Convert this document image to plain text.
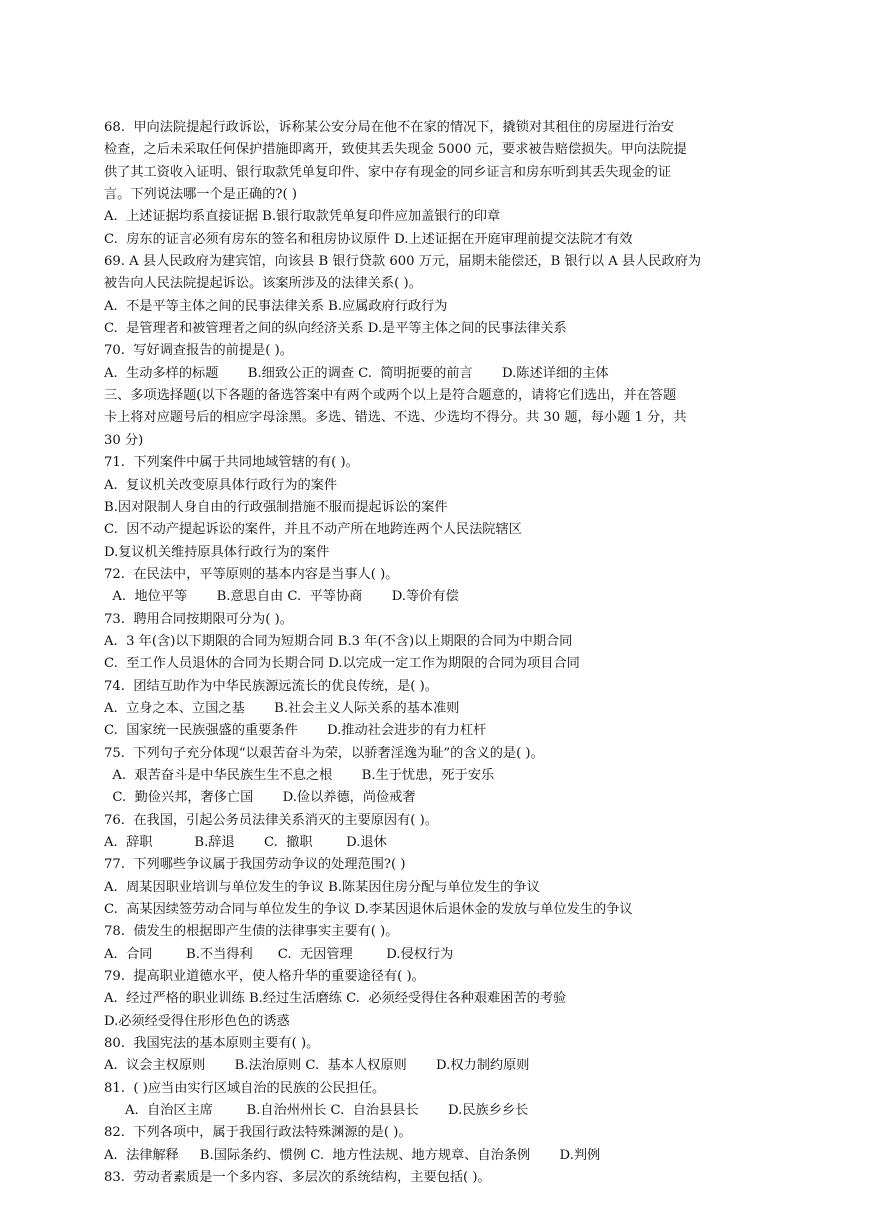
68.  甲向法院提起行政诉讼，诉称某公安分局在他不在家的情况下，撬锁对其租住的房屋进行治安
检查，之后未采取任何保护措施即离开，致使其丢失现金 5000 元，要求被告赔偿损失。甲向法院提
供了其工资收入证明、银行取款凭单复印件、家中存有现金的同乡证言和房东听到其丢失现金的证
言。下列说法哪一个是正确的?( )
A.  上述证据均系直接证据 B.银行取款凭单复印件应加盖银行的印章
C.  房东的证言必须有房东的签名和租房协议原件 D.上述证据在开庭审理前提交法院才有效
69. A 县人民政府为建宾馆，向该县 B 银行贷款 600 万元，届期未能偿还，B 银行以 A 县人民政府为
被告向人民法院提起诉讼。该案所涉及的法律关系( )。
A.  不是平等主体之间的民事法律关系 B.应属政府行政行为
C.  是管理者和被管理者之间的纵向经济关系 D.是平等主体之间的民事法律关系
70.  写好调查报告的前提是( )。
A.  生动多样的标题       B.细致公正的调查 C.  简明扼要的前言       D.陈述详细的主体
三、多项选择题(以下各题的备选答案中有两个或两个以上是符合题意的，请将它们选出，并在答题
卡上将对应题号后的相应字母涂黑。多选、错选、不选、少选均不得分。共 30 题，每小题 1 分，共
30 分)
71.  下列案件中属于共同地域管辖的有( )。
A.  复议机关改变原具体行政行为的案件
B.因对限制人身自由的行政强制措施不服而提起诉讼的案件
C.  因不动产提起诉讼的案件，并且不动产所在地跨连两个人民法院辖区
D.复议机关维持原具体行政行为的案件
72.  在民法中，平等原则的基本内容是当事人( )。
A.  地位平等       B.意思自由 C.  平等协商       D.等价有偿
73.  聘用合同按期限可分为( )。
A.  3 年(含)以下期限的合同为短期合同 B.3 年(不含)以上期限的合同为中期合同
C.  至工作人员退休的合同为长期合同 D.以完成一定工作为期限的合同为项目合同
74.  团结互助作为中华民族源远流长的优良传统，是( )。
A.  立身之本、立国之基       B.社会主义人际关系的基本准则
C.  国家统一民族强盛的重要条件       D.推动社会进步的有力杠杆
75.  下列句子充分体现“以艰苦奋斗为荣，以骄奢淫逸为耻”的含义的是( )。
A.  艰苦奋斗是中华民族生生不息之根       B.生于忧患，死于安乐
C.  勤俭兴邦，奢侈亡国       D.俭以养德，尚俭戒奢
76.  在我国，引起公务员法律关系消灭的主要原因有( )。
A.  辞职          B.辞退       C.  撤职        D.退休
77.  下列哪些争议属于我国劳动争议的处理范围?( )
A.  周某因职业培训与单位发生的争议 B.陈某因住房分配与单位发生的争议
C.  高某因续签劳动合同与单位发生的争议 D.李某因退休后退休金的发放与单位发生的争议
78.  债发生的根据即产生债的法律事实主要有( )。
A.  合同        B.不当得利      C.  无因管理        D.侵权行为
79.  提高职业道德水平，使人格升华的重要途径有( )。
A.  经过严格的职业训练 B.经过生活磨练 C.  必须经受得住各种艰难困苦的考验
D.必须经受得住形形色色的诱惑
80.  我国宪法的基本原则主要有( )。
A.  议会主权原则       B.法治原则 C.  基本人权原则       D.权力制约原则
81.  ( )应当由实行区域自治的民族的公民担任。
A.  自治区主席        B.自治州州长 C.  自治县县长       D.民族乡乡长
82.  下列各项中，属于我国行政法特殊渊源的是( )。
A.  法律解释     B.国际条约、惯例 C.  地方性法规、地方规章、自治条例       D.判例
83.  劳动者素质是一个多内容、多层次的系统结构，主要包括( )。
